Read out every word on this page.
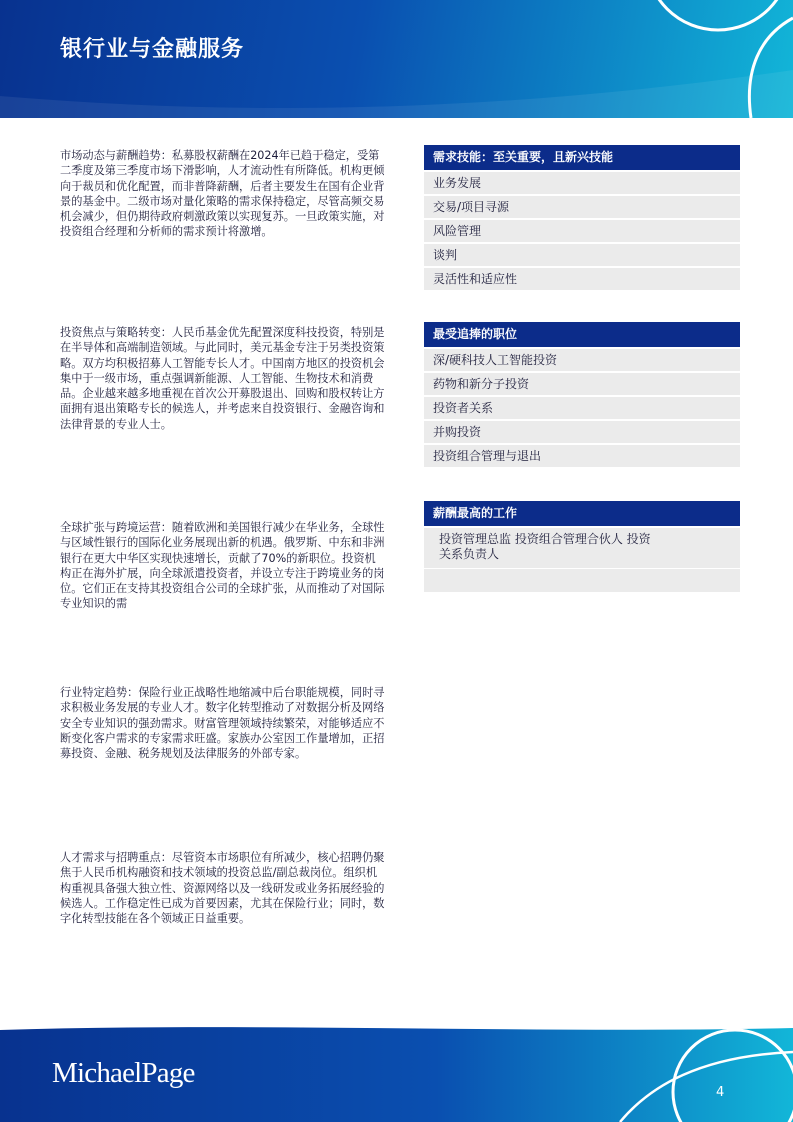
银行业与金融服务

市场动态与薪酬趋势：私募股权薪酬在2024年已趋于稳定，受第二季度及第三季度市场下滑影响，人才流动性有所降低。机构更倾向于裁员和优化配置，而非普降薪酬，后者主要发生在国有企业背景的基金中。二级市场对量化策略的需求保持稳定，尽管高频交易机会减少，但仍期待政府刺激政策以实现复苏。一旦政策实施，对投资组合经理和分析师的需求预计将激增。

投资焦点与策略转变：人民币基金优先配置深度科技投资，特别是在半导体和高端制造领域。与此同时，美元基金专注于另类投资策略。双方均积极招募人工智能专长人才。中国南方地区的投资机会集中于一级市场，重点强调新能源、人工智能、生物技术和消费品。企业越来越多地重视在首次公开募股退出、回购和股权转让方面拥有退出策略专长的候选人，并考虑来自投资银行、金融咨询和法律背景的专业人士。

全球扩张与跨境运营：随着欧洲和美国银行减少在华业务，全球性与区域性银行的国际化业务展现出新的机遇。俄罗斯、中东和非洲银行在更大中华区实现快速增长，贡献了70%的新职位。投资机构正在海外扩展，向全球派遣投资者，并设立专注于跨境业务的岗位。它们正在支持其投资组合公司的全球扩张，从而推动了对国际专业知识的需

行业特定趋势：保险行业正战略性地缩减中后台职能规模，同时寻求积极业务发展的专业人才。数字化转型推动了对数据分析及网络安全专业知识的强劲需求。财富管理领域持续繁荣，对能够适应不断变化客户需求的专家需求旺盛。家族办公室因工作量增加，正招募投资、金融、税务规划及法律服务的外部专家。

人才需求与招聘重点：尽管资本市场职位有所减少，核心招聘仍聚焦于人民币机构融资和技术领域的投资总监/副总裁岗位。组织机构重视具备强大独立性、资源网络以及一线研发或业务拓展经验的候选人。工作稳定性已成为首要因素，尤其在保险行业；同时，数字化转型技能在各个领域正日益重要。

需求技能：至关重要，且新兴技能
业务发展
交易/项目寻源
风险管理
谈判
灵活性和适应性
最受追捧的职位
深/硬科技人工智能投资
药物和新分子投资
投资者关系
并购投资
投资组合管理与退出
薪酬最高的工作
投资管理总监 投资组合管理合伙人 投资关系负责人
MichaelPage
4
